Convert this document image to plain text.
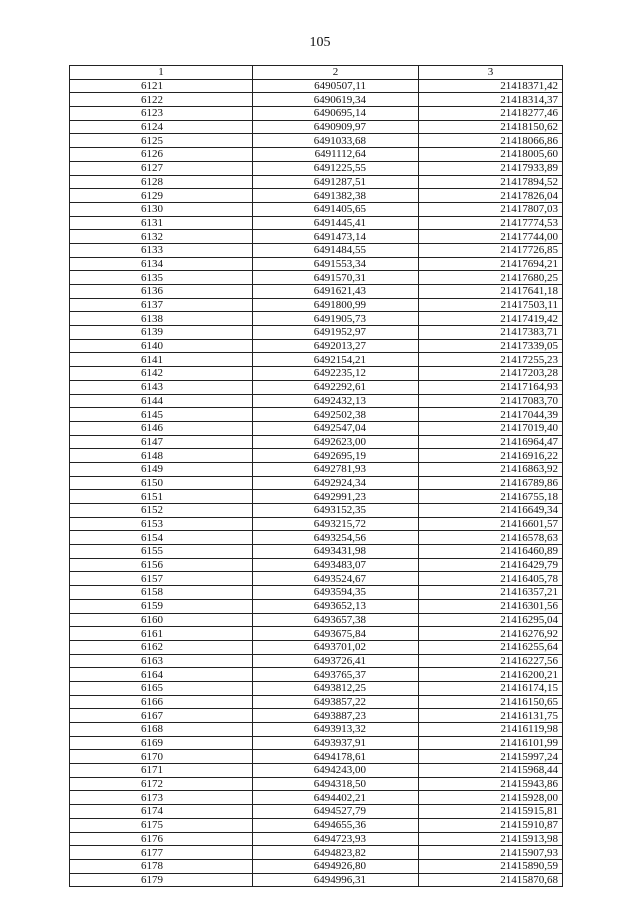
105
1	2	3
6121	6490507,11	21418371,42
6122	6490619,34	21418314,37
6123	6490695,14	21418277,46
6124	6490909,97	21418150,62
6125	6491033,68	21418066,86
6126	6491112,64	21418005,60
6127	6491225,55	21417933,89
6128	6491287,51	21417894,52
6129	6491382,38	21417826,04
6130	6491405,65	21417807,03
6131	6491445,41	21417774,53
6132	6491473,14	21417744,00
6133	6491484,55	21417726,85
6134	6491553,34	21417694,21
6135	6491570,31	21417680,25
6136	6491621,43	21417641,18
6137	6491800,99	21417503,11
6138	6491905,73	21417419,42
6139	6491952,97	21417383,71
6140	6492013,27	21417339,05
6141	6492154,21	21417255,23
6142	6492235,12	21417203,28
6143	6492292,61	21417164,93
6144	6492432,13	21417083,70
6145	6492502,38	21417044,39
6146	6492547,04	21417019,40
6147	6492623,00	21416964,47
6148	6492695,19	21416916,22
6149	6492781,93	21416863,92
6150	6492924,34	21416789,86
6151	6492991,23	21416755,18
6152	6493152,35	21416649,34
6153	6493215,72	21416601,57
6154	6493254,56	21416578,63
6155	6493431,98	21416460,89
6156	6493483,07	21416429,79
6157	6493524,67	21416405,78
6158	6493594,35	21416357,21
6159	6493652,13	21416301,56
6160	6493657,38	21416295,04
6161	6493675,84	21416276,92
6162	6493701,02	21416255,64
6163	6493726,41	21416227,56
6164	6493765,37	21416200,21
6165	6493812,25	21416174,15
6166	6493857,22	21416150,65
6167	6493887,23	21416131,75
6168	6493913,32	21416119,98
6169	6493937,91	21416101,99
6170	6494178,61	21415997,24
6171	6494243,00	21415968,44
6172	6494318,50	21415943,86
6173	6494402,21	21415928,00
6174	6494527,79	21415915,81
6175	6494655,36	21415910,87
6176	6494723,93	21415913,98
6177	6494823,82	21415907,93
6178	6494926,80	21415890,59
6179	6494996,31	21415870,68
